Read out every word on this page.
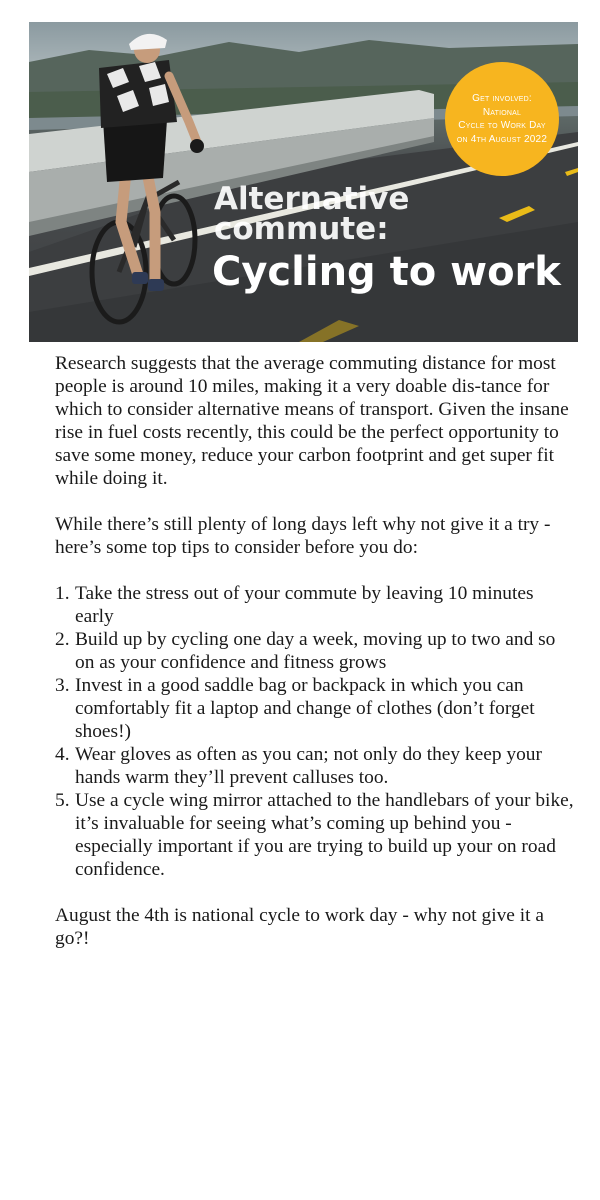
Get involved:
National
Cycle to Work Day
on 4th August 2022
Alternative
commute:
Cycling to work

Research suggests that the average commuting distance for most people is around 10 miles, making it a very doable dis-tance for which to consider alternative means of transport. Given the insane rise in fuel costs recently, this could be the perfect opportunity to save some money, reduce your carbon footprint and get super fit while doing it.

While there’s still plenty of long days left why not give it a try - here’s some top tips to consider before you do:

1. Take the stress out of your commute by leaving 10 minutes early
2. Build up by cycling one day a week, moving up to two and so on as your confidence and fitness grows
3. Invest in a good saddle bag or backpack in which you can comfortably fit a laptop and change of clothes (don’t forget shoes!)
4. Wear gloves as often as you can; not only do they keep your hands warm they’ll prevent calluses too.
5. Use a cycle wing mirror attached to the handlebars of your bike, it’s invaluable for seeing what’s coming up behind you - especially important if you are trying to build up your on road confidence.

August the 4th is national cycle to work day - why not give it a go?!
